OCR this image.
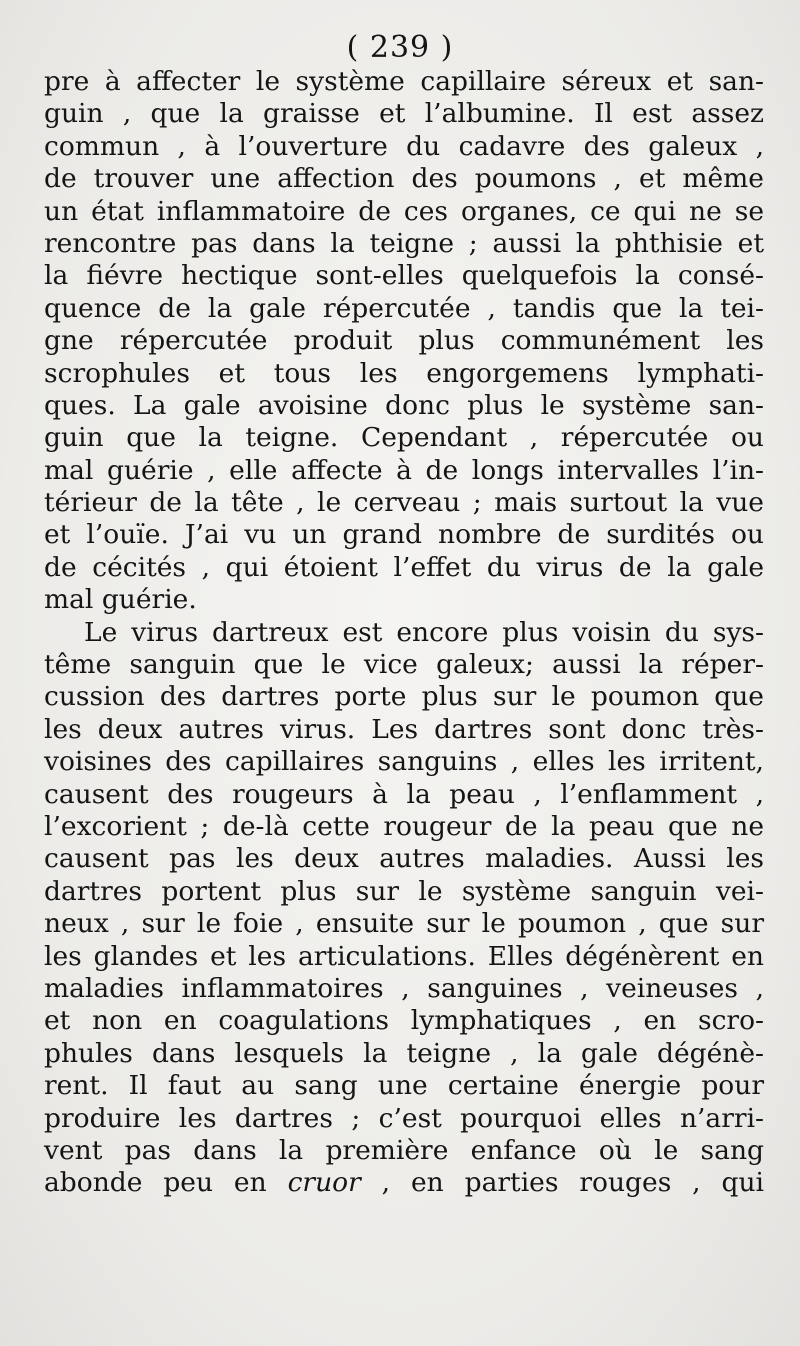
( 239 )
pre à affecter le système capillaire séreux et san-
guin , que la graisse et l’albumine. Il est assez
commun , à l’ouverture du cadavre des galeux ,
de trouver une affection des poumons , et même
un état inflammatoire de ces organes, ce qui ne se
rencontre pas dans la teigne ; aussi la phthisie et
la fiévre hectique sont-elles quelquefois la consé-
quence de la gale répercutée , tandis que la tei-
gne répercutée produit plus communément les
scrophules et tous les engorgemens lymphati-
ques. La gale avoisine donc plus le système san-
guin que la teigne. Cependant , répercutée ou
mal guérie , elle affecte à de longs intervalles l’in-
térieur de la tête , le cerveau ; mais surtout la vue
et l’ouïe. J’ai vu un grand nombre de surdités ou
de cécités , qui étoient l’effet du virus de la gale
mal guérie.
Le virus dartreux est encore plus voisin du sys-
tême sanguin que le vice galeux; aussi la réper-
cussion des dartres porte plus sur le poumon que
les deux autres virus. Les dartres sont donc très-
voisines des capillaires sanguins , elles les irritent,
causent des rougeurs à la peau , l’enflamment ,
l’excorient ; de-là cette rougeur de la peau que ne
causent pas les deux autres maladies. Aussi les
dartres portent plus sur le système sanguin vei-
neux , sur le foie , ensuite sur le poumon , que sur
les glandes et les articulations. Elles dégénèrent en
maladies inflammatoires , sanguines , veineuses ,
et non en coagulations lymphatiques , en scro-
phules dans lesquels la teigne , la gale dégénè-
rent. Il faut au sang une certaine énergie pour
produire les dartres ; c’est pourquoi elles n’arri-
vent pas dans la première enfance où le sang
abonde peu en cruor , en parties rouges , qui
